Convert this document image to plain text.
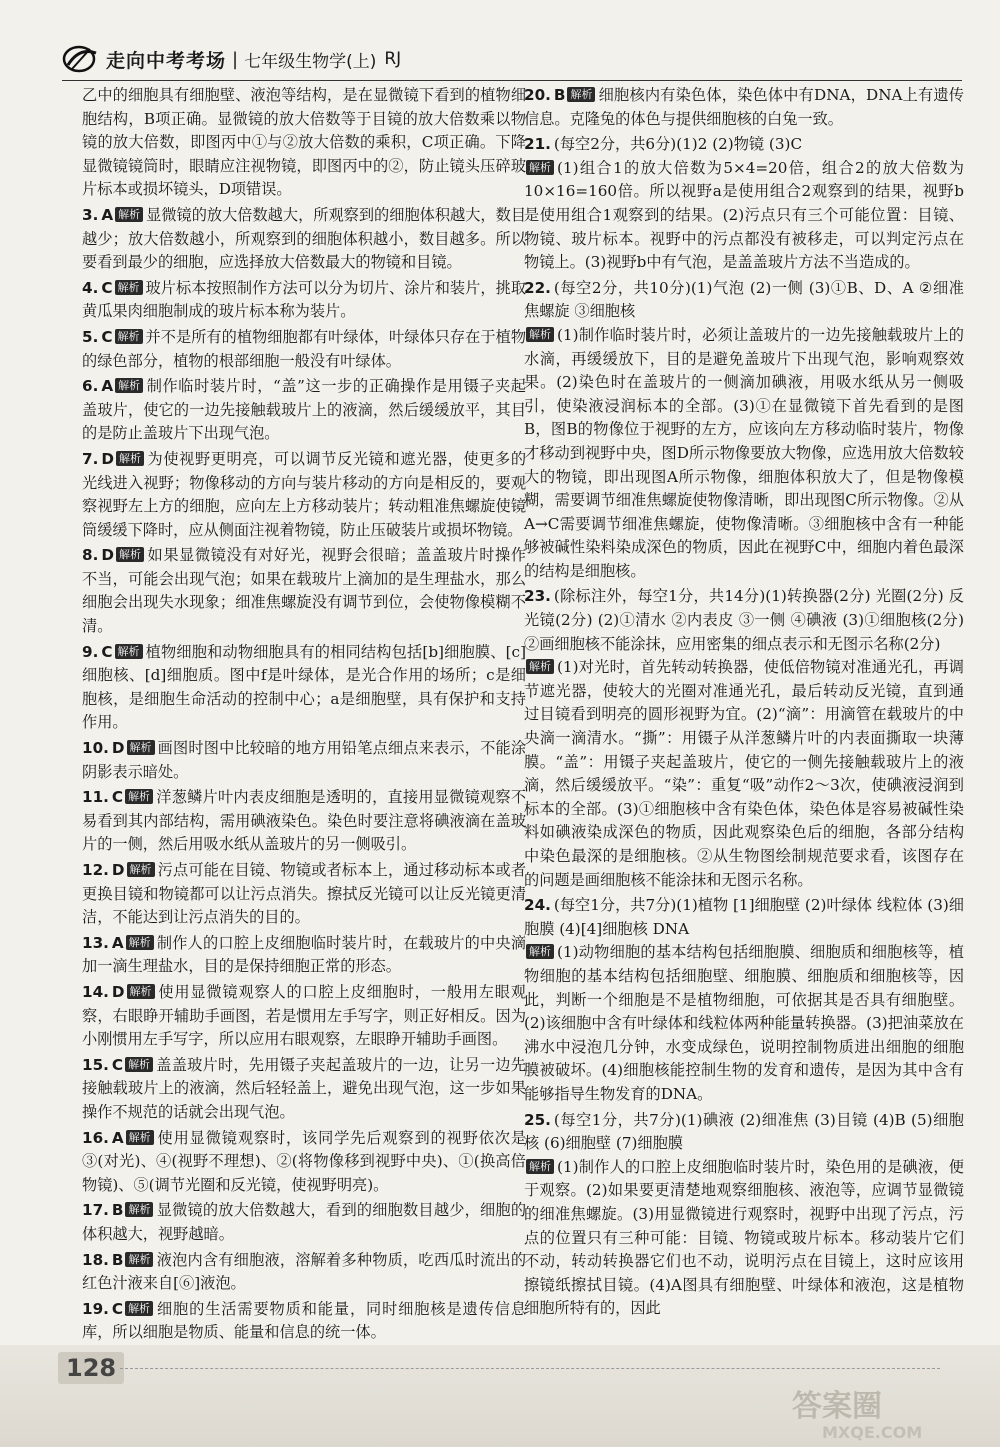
走向中考考场 | 七年级生物学(上) RJ
乙中的细胞具有细胞壁、液泡等结构，是在显微镜下看到的植物细胞结构，B项正确。显微镜的放大倍数等于目镜的放大倍数乘以物镜的放大倍数，即图丙中①与②放大倍数的乘积，C项正确。下降显微镜镜筒时，眼睛应注视物镜，即图丙中的②，防止镜头压碎玻片标本或损坏镜头，D项错误。
3. A 解析 显微镜的放大倍数越大，所观察到的细胞体积越大，数目越少；放大倍数越小，所观察到的细胞体积越小，数目越多。所以要看到最少的细胞，应选择放大倍数最大的物镜和目镜。
4. C 解析 玻片标本按照制作方法可以分为切片、涂片和装片，挑取黄瓜果肉细胞制成的玻片标本称为装片。
5. C 解析 并不是所有的植物细胞都有叶绿体，叶绿体只存在于植物的绿色部分，植物的根部细胞一般没有叶绿体。
6. A 解析 制作临时装片时，“盖”这一步的正确操作是用镊子夹起盖玻片，使它的一边先接触载玻片上的液滴，然后缓缓放平，其目的是防止盖玻片下出现气泡。
7. D 解析 为使视野更明亮，可以调节反光镜和遮光器，使更多的光线进入视野；物像移动的方向与装片移动的方向是相反的，要观察视野左上方的细胞，应向左上方移动装片；转动粗准焦螺旋使镜筒缓缓下降时，应从侧面注视着物镜，防止压破装片或损坏物镜。
8. D 解析 如果显微镜没有对好光，视野会很暗；盖盖玻片时操作不当，可能会出现气泡；如果在载玻片上滴加的是生理盐水，那么细胞会出现失水现象；细准焦螺旋没有调节到位，会使物像模糊不清。
9. C 解析 植物细胞和动物细胞具有的相同结构包括[b]细胞膜、[c]细胞核、[d]细胞质。图中f是叶绿体，是光合作用的场所；c是细胞核，是细胞生命活动的控制中心；a是细胞壁，具有保护和支持作用。
10. D 解析 画图时图中比较暗的地方用铅笔点细点来表示，不能涂阴影表示暗处。
11. C 解析 洋葱鳞片叶内表皮细胞是透明的，直接用显微镜观察不易看到其内部结构，需用碘液染色。染色时要注意将碘液滴在盖玻片的一侧，然后用吸水纸从盖玻片的另一侧吸引。
12. D 解析 污点可能在目镜、物镜或者标本上，通过移动标本或者更换目镜和物镜都可以让污点消失。擦拭反光镜可以让反光镜更清洁，不能达到让污点消失的目的。
13. A 解析 制作人的口腔上皮细胞临时装片时，在载玻片的中央滴加一滴生理盐水，目的是保持细胞正常的形态。
14. D 解析 使用显微镜观察人的口腔上皮细胞时，一般用左眼观察，右眼睁开辅助手画图，若是惯用左手写字，则正好相反。因为小刚惯用左手写字，所以应用右眼观察，左眼睁开辅助手画图。
15. C 解析 盖盖玻片时，先用镊子夹起盖玻片的一边，让另一边先接触载玻片上的液滴，然后轻轻盖上，避免出现气泡，这一步如果操作不规范的话就会出现气泡。
16. A 解析 使用显微镜观察时，该同学先后观察到的视野依次是③(对光)、④(视野不理想)、②(将物像移到视野中央)、①(换高倍物镜)、⑤(调节光圈和反光镜，使视野明亮)。
17. B 解析 显微镜的放大倍数越大，看到的细胞数目越少，细胞的体积越大，视野越暗。
18. B 解析 液泡内含有细胞液，溶解着多种物质，吃西瓜时流出的红色汁液来自[⑥]液泡。
19. C 解析 细胞的生活需要物质和能量，同时细胞核是遗传信息库，所以细胞是物质、能量和信息的统一体。
20. B 解析 细胞核内有染色体，染色体中有DNA，DNA上有遗传信息。克隆兔的体色与提供细胞核的白兔一致。
21. (每空2分，共6分)(1)2 (2)物镜 (3)C
解析 (1)组合1的放大倍数为5×4=20倍，组合2的放大倍数为10×16=160倍。所以视野a是使用组合2观察到的结果，视野b是使用组合1观察到的结果。(2)污点只有三个可能位置：目镜、物镜、玻片标本。视野中的污点都没有被移走，可以判定污点在物镜上。(3)视野b中有气泡，是盖盖玻片方法不当造成的。
22. (每空2分，共10分)(1)气泡 (2)一侧 (3)①B、D、A ②细准焦螺旋 ③细胞核
解析 (1)制作临时装片时，必须让盖玻片的一边先接触载玻片上的水滴，再缓缓放下，目的是避免盖玻片下出现气泡，影响观察效果。(2)染色时在盖玻片的一侧滴加碘液，用吸水纸从另一侧吸引，使染液浸润标本的全部。(3)①在显微镜下首先看到的是图B，图B的物像位于视野的左方，应该向左方移动临时装片，物像才移动到视野中央，图D所示物像要放大物像，应选用放大倍数较大的物镜，即出现图A所示物像，细胞体积放大了，但是物像模糊，需要调节细准焦螺旋使物像清晰，即出现图C所示物像。②从A→C需要调节细准焦螺旋，使物像清晰。③细胞核中含有一种能够被碱性染料染成深色的物质，因此在视野C中，细胞内着色最深的结构是细胞核。
23. (除标注外，每空1分，共14分)(1)转换器(2分) 光圈(2分) 反光镜(2分) (2)①清水 ②内表皮 ③一侧 ④碘液 (3)①细胞核(2分) ②画细胞核不能涂抹，应用密集的细点表示和无图示名称(2分)
解析 (1)对光时，首先转动转换器，使低倍物镜对准通光孔，再调节遮光器，使较大的光圈对准通光孔，最后转动反光镜，直到通过目镜看到明亮的圆形视野为宜。(2)“滴”：用滴管在载玻片的中央滴一滴清水。“撕”：用镊子从洋葱鳞片叶的内表面撕取一块薄膜。“盖”：用镊子夹起盖玻片，使它的一侧先接触载玻片上的液滴，然后缓缓放平。“染”：重复“吸”动作2～3次，使碘液浸润到标本的全部。(3)①细胞核中含有染色体，染色体是容易被碱性染料如碘液染成深色的物质，因此观察染色后的细胞，各部分结构中染色最深的是细胞核。②从生物图绘制规范要求看，该图存在的问题是画细胞核不能涂抹和无图示名称。
24. (每空1分，共7分)(1)植物 [1]细胞壁 (2)叶绿体 线粒体 (3)细胞膜 (4)[4]细胞核 DNA
解析 (1)动物细胞的基本结构包括细胞膜、细胞质和细胞核等，植物细胞的基本结构包括细胞壁、细胞膜、细胞质和细胞核等，因此，判断一个细胞是不是植物细胞，可依据其是否具有细胞壁。(2)该细胞中含有叶绿体和线粒体两种能量转换器。(3)把油菜放在沸水中浸泡几分钟，水变成绿色，说明控制物质进出细胞的细胞膜被破坏。(4)细胞核能控制生物的发育和遗传，是因为其中含有能够指导生物发育的DNA。
25. (每空1分，共7分)(1)碘液 (2)细准焦 (3)目镜 (4)B (5)细胞核 (6)细胞壁 (7)细胞膜
解析 (1)制作人的口腔上皮细胞临时装片时，染色用的是碘液，便于观察。(2)如果要更清楚地观察细胞核、液泡等，应调节显微镜的细准焦螺旋。(3)用显微镜进行观察时，视野中出现了污点，污点的位置只有三种可能：目镜、物镜或玻片标本。移动装片它们不动，转动转换器它们也不动，说明污点在目镜上，这时应该用擦镜纸擦拭目镜。(4)A图具有细胞壁、叶绿体和液泡，这是植物细胞所特有的，因此
128
答案圈
MXQE.COM
